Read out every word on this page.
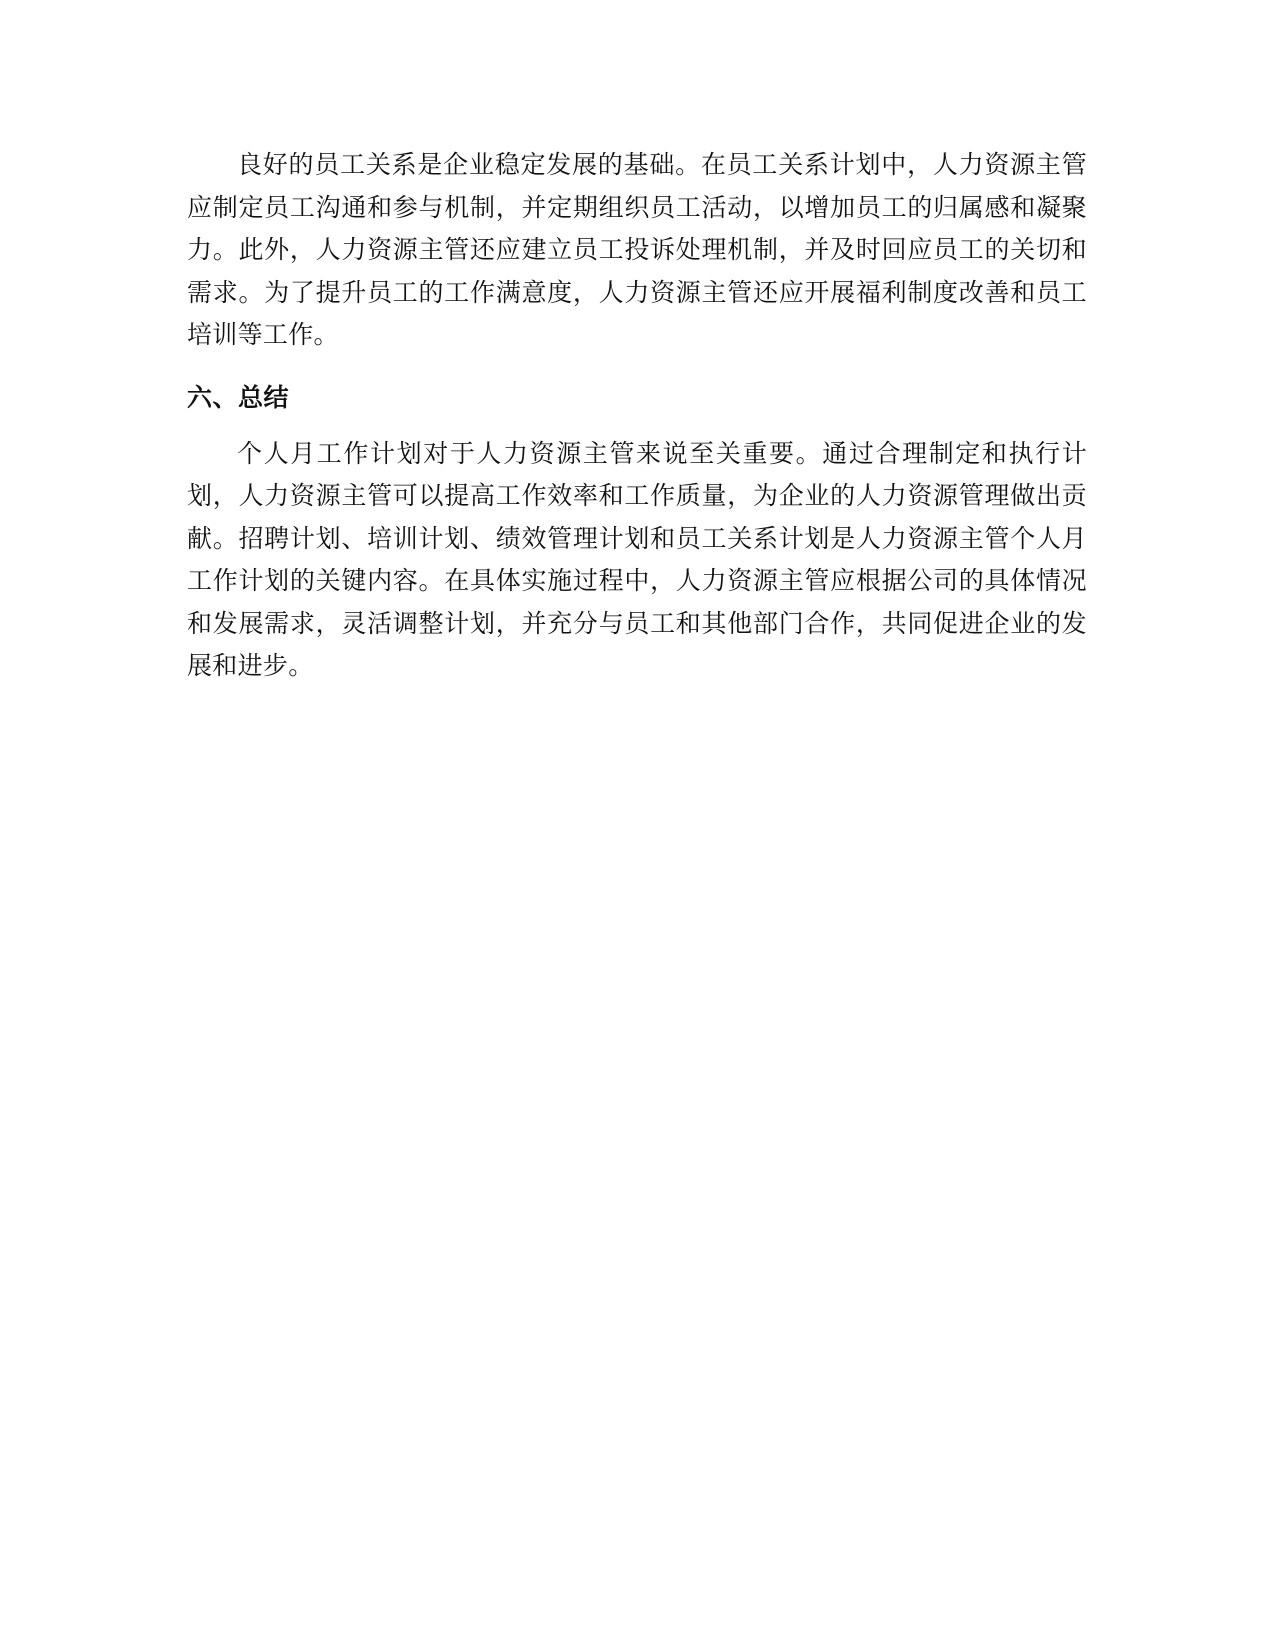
良好的员工关系是企业稳定发展的基础。在员工关系计划中，人力资源主管应制定员工沟通和参与机制，并定期组织员工活动，以增加员工的归属感和凝聚力。此外，人力资源主管还应建立员工投诉处理机制，并及时回应员工的关切和需求。为了提升员工的工作满意度，人力资源主管还应开展福利制度改善和员工培训等工作。

六、总结

个人月工作计划对于人力资源主管来说至关重要。通过合理制定和执行计划，人力资源主管可以提高工作效率和工作质量，为企业的人力资源管理做出贡献。招聘计划、培训计划、绩效管理计划和员工关系计划是人力资源主管个人月工作计划的关键内容。在具体实施过程中，人力资源主管应根据公司的具体情况和发展需求，灵活调整计划，并充分与员工和其他部门合作，共同促进企业的发展和进步。
